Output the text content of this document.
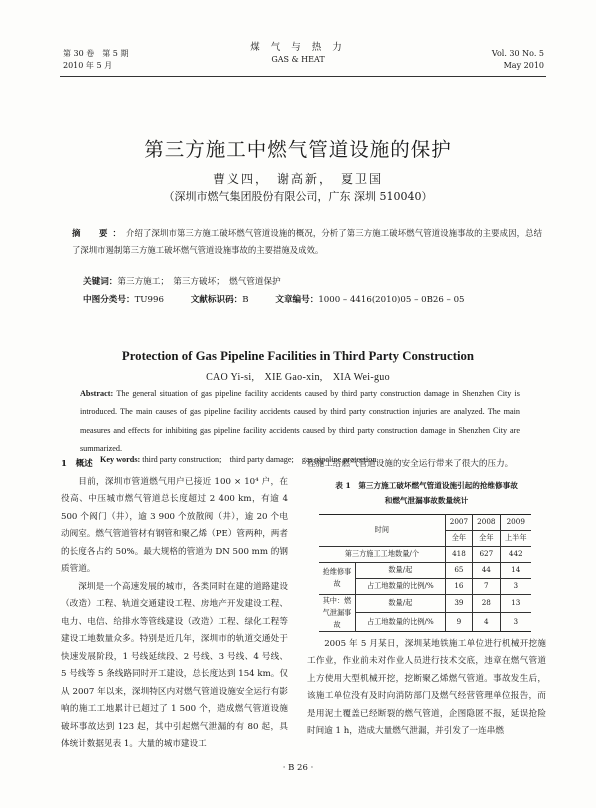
第 30 卷　第 5 期
2010 年 5 月
煤 气 与 热 力
GAS & HEAT
Vol. 30 No. 5
May 2010
第三方施工中燃气管道设施的保护
曹义四，　谢高新，　夏卫国
（深圳市燃气集团股份有限公司，广东 深圳 510040）
摘　要：介绍了深圳市第三方施工破坏燃气管道设施的概况，分析了第三方施工破坏燃气管道设施事故的主要成因，总结了深圳市遏制第三方施工破坏燃气管道设施事故的主要措施及成效。
关键词：第三方施工；　第三方破坏；　燃气管道保护
中图分类号：TU996	文献标识码：B	文章编号：1000 – 4416(2010)05 – 0B26 – 05
Protection of Gas Pipeline Facilities in Third Party Construction
CAO Yi-si,　XIE Gao-xin,　XIA Wei-guo
Abstract: The general situation of gas pipeline facility accidents caused by third party construction damage in Shenzhen City is introduced. The main causes of gas pipeline facility accidents caused by third party construction injuries are analyzed. The main measures and effects for inhibiting gas pipeline facility accidents caused by third party construction damage in Shenzhen City are summarized.
Key words: third party construction;　third party damage;　gas pipeline protection
1　概述

目前，深圳市管道燃气用户已接近 100 × 10⁴ 户，在役高、中压城市燃气管道总长度超过 2 400 km，有逾 4 500 个阀门（井），逾 3 900 个放散阀（井），逾 20 个电动阀室。燃气管道管材有钢管和聚乙烯（PE）管两种，两者的长度各占约 50%。最大规格的管道为 DN 500 mm 的钢质管道。

深圳是一个高速发展的城市，各类同时在建的道路建设（改造）工程、轨道交通建设工程、房地产开发建设工程、电力、电信、给排水等管线建设（改造）工程、绿化工程等建设工地数量众多。特别是近几年，深圳市的轨道交通处于快速发展阶段，1 号线延续段、2 号线、3 号线、4 号线、5 号线等 5 条线路同时开工建设，总长度达到 154 km。仅从 2007 年以来，深圳特区内对燃气管道设施安全运行有影响的施工工地累计已超过了 1 500 个，造成燃气管道设施破坏事故达到 123 起，其中引起燃气泄漏的有 80 起，具体统计数据见表 1。大量的城市建设工

程施工给燃气管道设施的安全运行带来了很大的压力。

表 1　第三方施工破坏燃气管道设施引起的抢维修事故
和燃气泄漏事故数量统计
时间		2007	2008	2009
		全年	全年	上半年
第三方施工工地数量/个		418	627	442
抢维修事故	数量/起	65	44	14
	占工地数量的比例/%	16	7	3
其中：燃气泄漏事故	数量/起	39	28	13
	占工地数量的比例/%	9	4	3

2005 年 5 月某日，深圳某地铁施工单位进行机械开挖施工作业，作业前未对作业人员进行技术交底，违章在燃气管道上方使用大型机械开挖，挖断聚乙烯燃气管道。事故发生后，该施工单位没有及时向消防部门及燃气经营管理单位报告，而是用泥土覆盖已经断裂的燃气管道，企图隐匿不报，延误抢险时间逾 1 h，造成大量燃气泄漏，并引发了一连串燃

· B 26 ·
